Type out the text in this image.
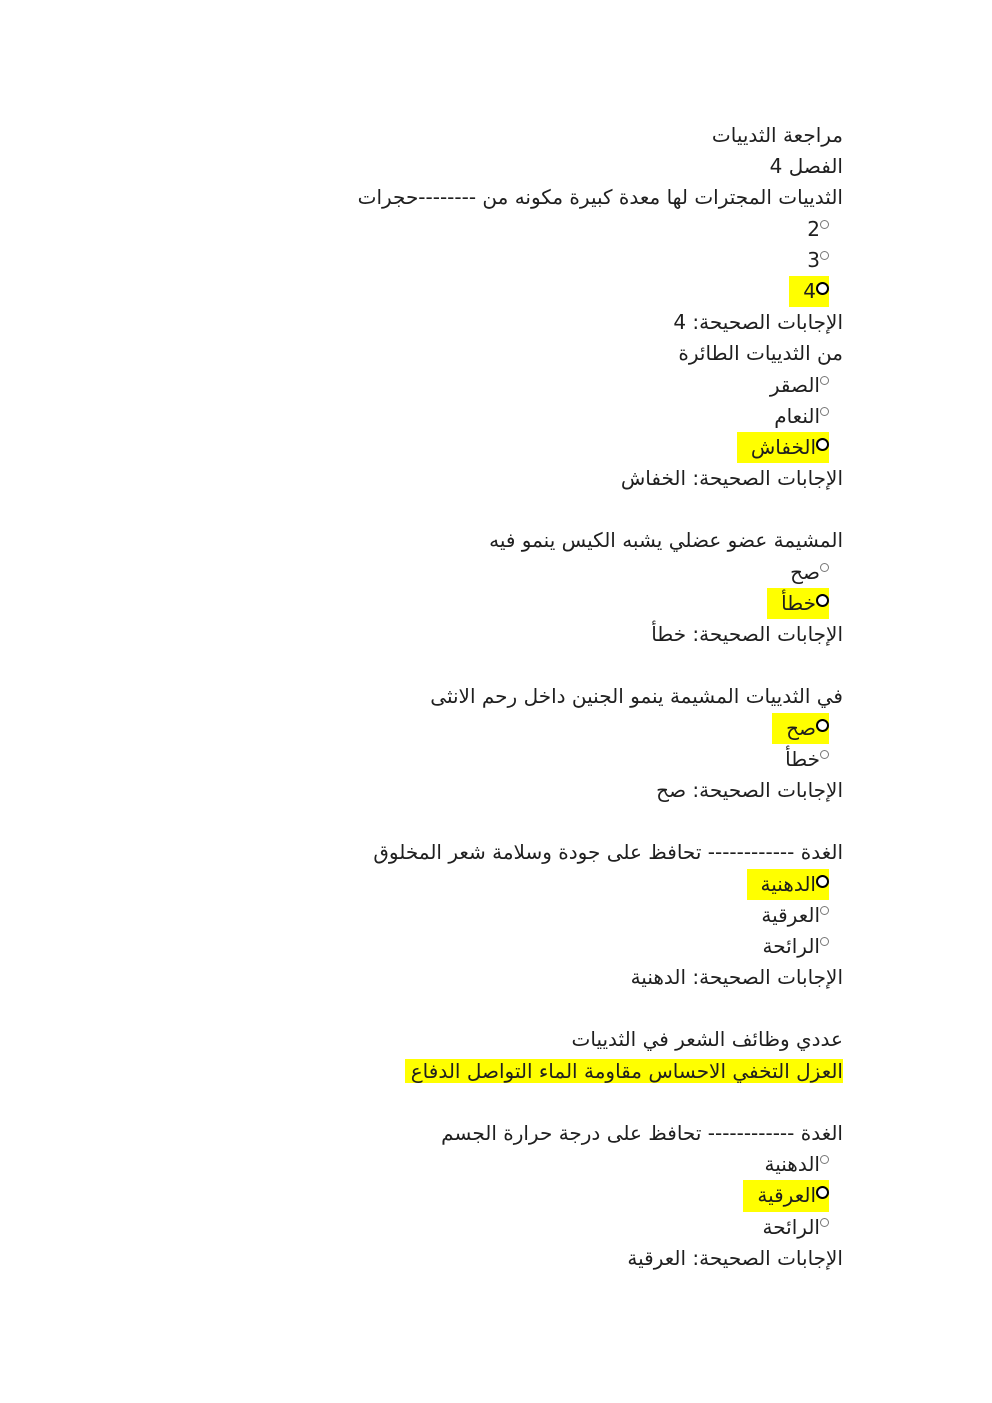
مراجعة الثدييات
الفصل 4
الثدييات المجترات لها معدة كبيرة مكونه من --------حجرات
2
3
4
الإجابات الصحيحة: 4
من الثدييات الطائرة
الصقر
النعام
الخفاش
الإجابات الصحيحة: الخفاش
المشيمة عضو عضلي يشبه الكيس ينمو فيه
صح
خطأ
الإجابات الصحيحة: خطأ
في الثدييات المشيمة ينمو الجنين داخل رحم الانثى
صح
خطأ
الإجابات الصحيحة: صح
الغدة ------------ تحافظ على جودة وسلامة شعر المخلوق
الدهنية
العرقية
الرائحة
الإجابات الصحيحة: الدهنية
عددي وظائف الشعر في الثدييات
العزل التخفي الاحساس مقاومة الماء التواصل الدفاع
الغدة ------------ تحافظ على درجة حرارة الجسم
الدهنية
العرقية
الرائحة
الإجابات الصحيحة: العرقية
